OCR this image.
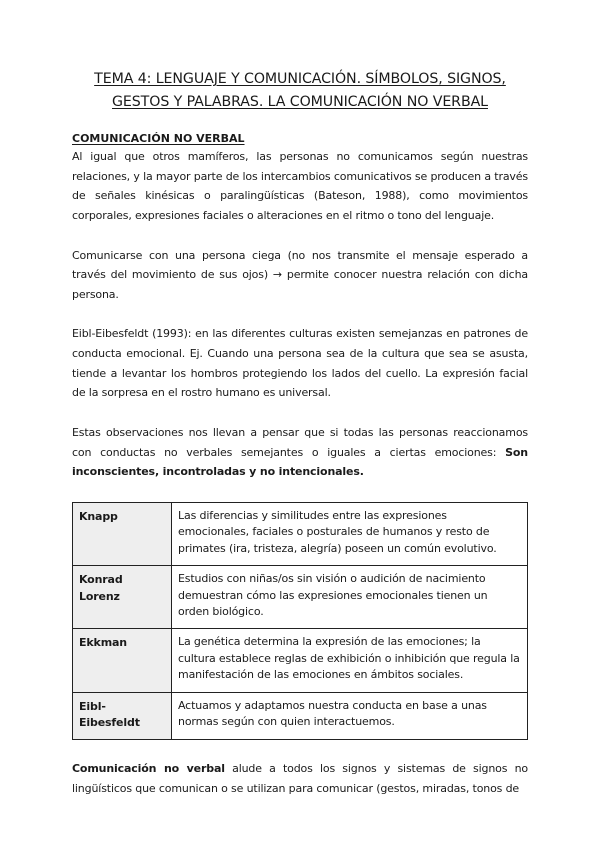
TEMA 4: LENGUAJE Y COMUNICACIÓN. SÍMBOLOS, SIGNOS,
GESTOS Y PALABRAS. LA COMUNICACIÓN NO VERBAL
COMUNICACIÓN NO VERBAL

Al igual que otros mamíferos, las personas no comunicamos según nuestras relaciones, y la mayor parte de los intercambios comunicativos se producen a través de señales kinésicas o paralingüísticas (Bateson, 1988), como movimientos corporales, expresiones faciales o alteraciones en el ritmo o tono del lenguaje.

Comunicarse con una persona ciega (no nos transmite el mensaje esperado a través del movimiento de sus ojos) → permite conocer nuestra relación con dicha persona.

Eibl-Eibesfeldt (1993): en las diferentes culturas existen semejanzas en patrones de conducta emocional. Ej. Cuando una persona sea de la cultura que sea se asusta, tiende a levantar los hombros protegiendo los lados del cuello. La expresión facial de la sorpresa en el rostro humano es universal.

Estas observaciones nos llevan a pensar que si todas las personas reaccionamos con conductas no verbales semejantes o iguales a ciertas emociones: Son inconscientes, incontroladas y no intencionales.

Knapp	Las diferencias y similitudes entre las expresiones emocionales, faciales o posturales de humanos y resto de primates (ira, tristeza, alegría) poseen un común evolutivo.
Konrad Lorenz	Estudios con niñas/os sin visión o audición de nacimiento demuestran cómo las expresiones emocionales tienen un orden biológico.
Ekkman	La genética determina la expresión de las emociones; la cultura establece reglas de exhibición o inhibición que regula la manifestación de las emociones en ámbitos sociales.
Eibl-Eibesfeldt	Actuamos y adaptamos nuestra conducta en base a unas normas según con quien interactuemos.

Comunicación no verbal alude a todos los signos y sistemas de signos no lingüísticos que comunican o se utilizan para comunicar (gestos, miradas, tonos de
